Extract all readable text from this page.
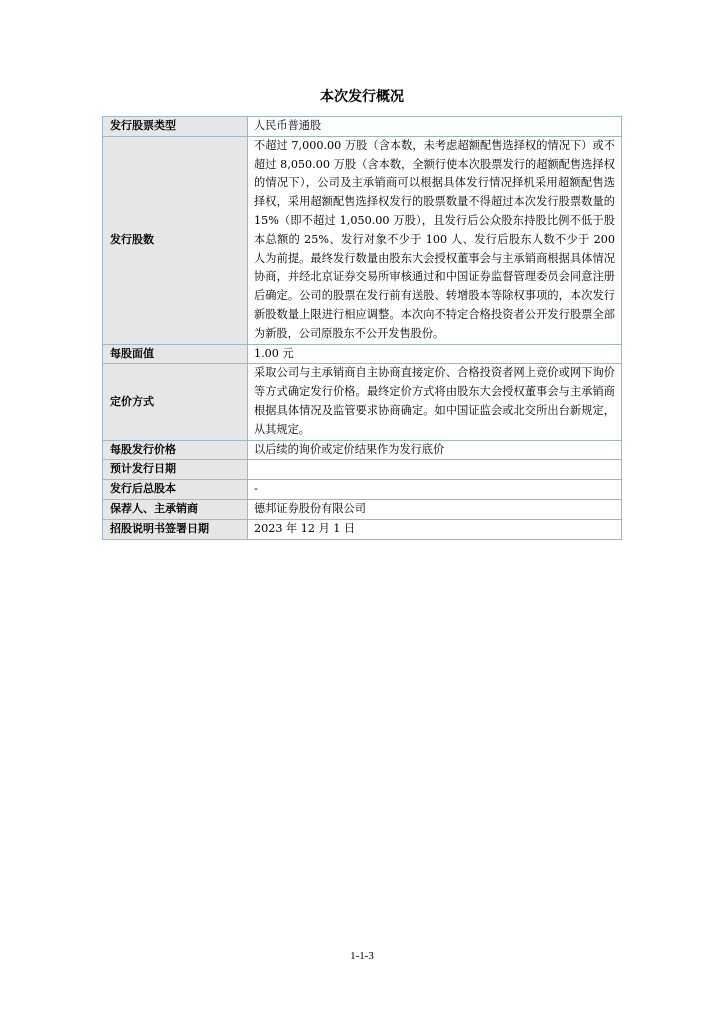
本次发行概况
发行股票类型	人民币普通股
发行股数	不超过 7,000.00 万股（含本数，未考虑超额配售选择权的情况下）或不超过 8,050.00 万股（含本数，全额行使本次股票发行的超额配售选择权的情况下），公司及主承销商可以根据具体发行情况择机采用超额配售选择权，采用超额配售选择权发行的股票数量不得超过本次发行股票数量的 15%（即不超过 1,050.00 万股），且发行后公众股东持股比例不低于股本总额的 25%、发行对象不少于 100 人、发行后股东人数不少于 200 人为前提。最终发行数量由股东大会授权董事会与主承销商根据具体情况协商，并经北京证券交易所审核通过和中国证券监督管理委员会同意注册后确定。公司的股票在发行前有送股、转增股本等除权事项的，本次发行新股数量上限进行相应调整。本次向不特定合格投资者公开发行股票全部为新股，公司原股东不公开发售股份。
每股面值	1.00 元
定价方式	采取公司与主承销商自主协商直接定价、合格投资者网上竞价或网下询价等方式确定发行价格。最终定价方式将由股东大会授权董事会与主承销商根据具体情况及监管要求协商确定。如中国证监会或北交所出台新规定，从其规定。
每股发行价格	以后续的询价或定价结果作为发行底价
预计发行日期	
发行后总股本	-
保荐人、主承销商	德邦证券股份有限公司
招股说明书签署日期	2023 年 12 月 1 日
1-1-3
